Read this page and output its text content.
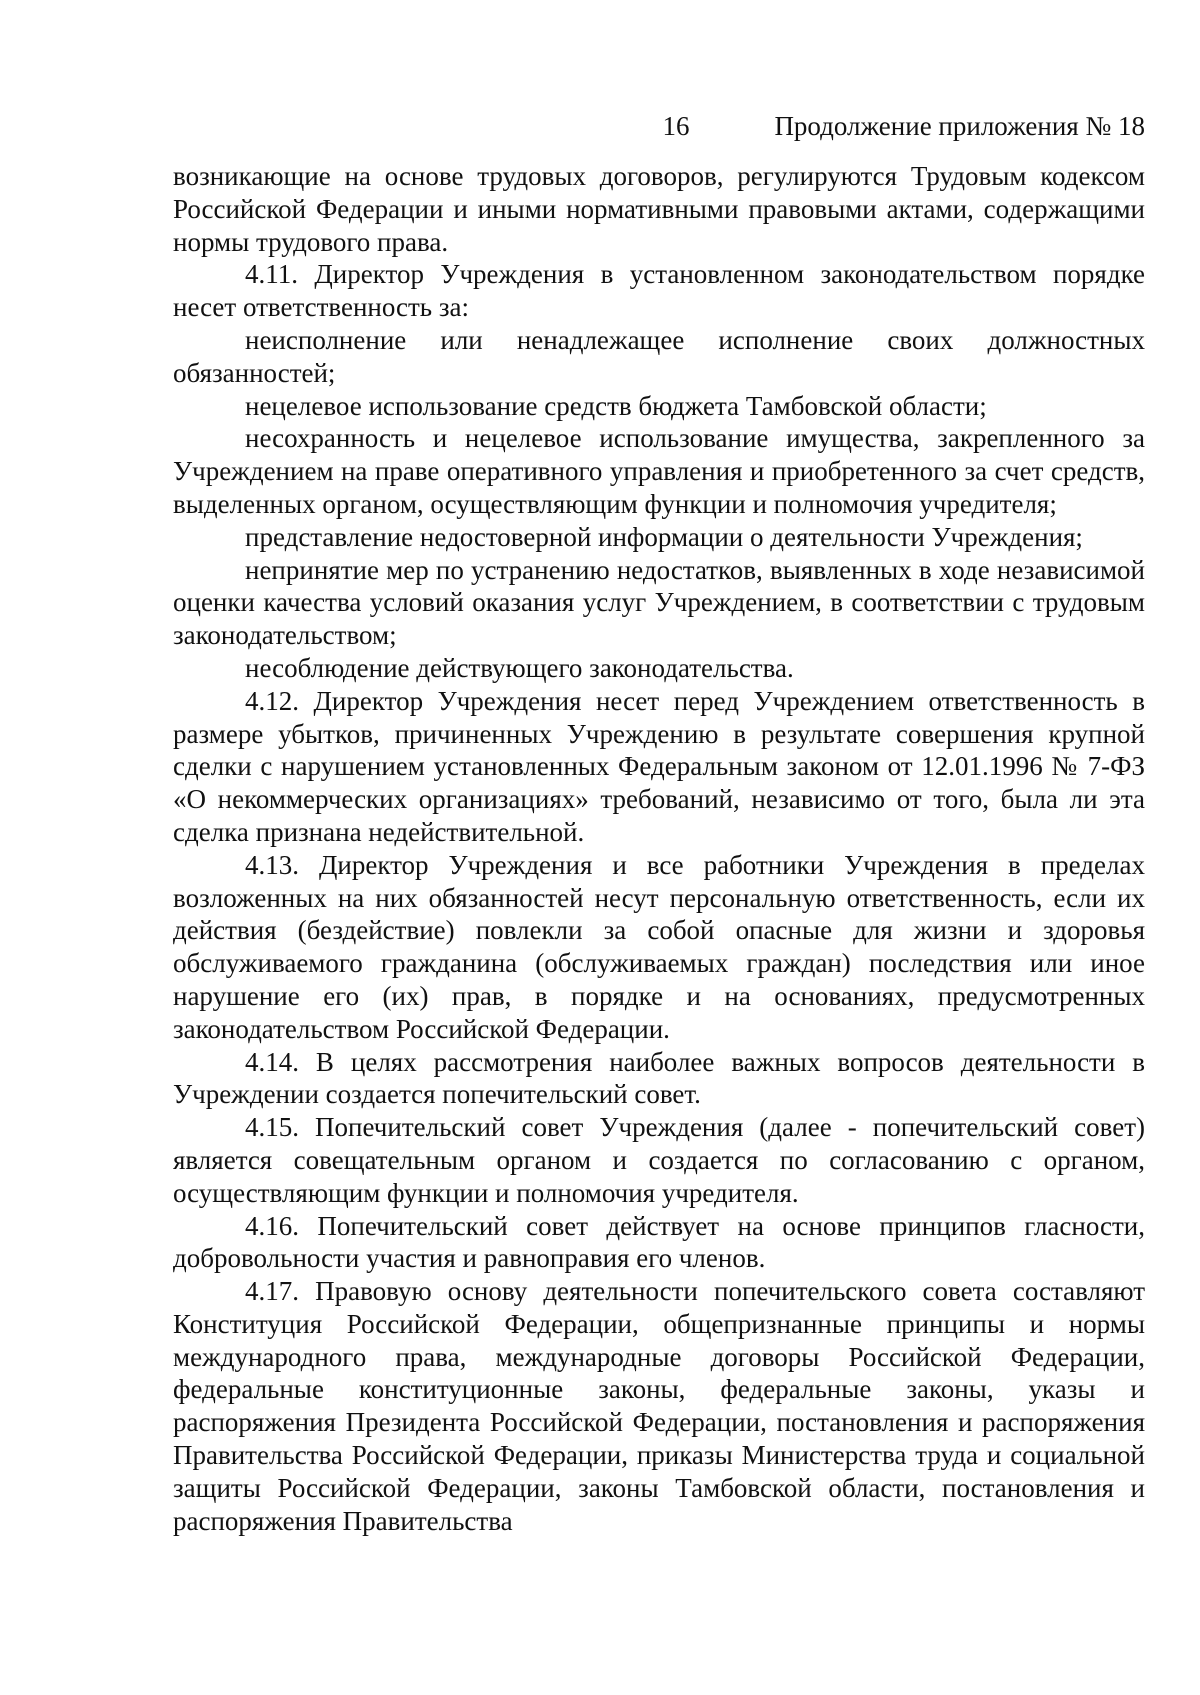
16	Продолжение приложения № 18

возникающие на основе трудовых договоров, регулируются Трудовым кодексом Российской Федерации и иными нормативными правовыми актами, содержащими нормы трудового права.

4.11. Директор Учреждения в установленном законодательством порядке несет ответственность за:

неисполнение или ненадлежащее исполнение своих должностных обязанностей;

нецелевое использование средств бюджета Тамбовской области;

несохранность и нецелевое использование имущества, закрепленного за Учреждением на праве оперативного управления и приобретенного за счет средств, выделенных органом, осуществляющим функции и полномочия учредителя;

представление недостоверной информации о деятельности Учреждения;

непринятие мер по устранению недостатков, выявленных в ходе независимой оценки качества условий оказания услуг Учреждением, в соответствии с трудовым законодательством;

несоблюдение действующего законодательства.

4.12. Директор Учреждения несет перед Учреждением ответственность в размере убытков, причиненных Учреждению в результате совершения крупной сделки с нарушением установленных Федеральным законом от 12.01.1996 № 7-ФЗ «О некоммерческих организациях» требований, независимо от того, была ли эта сделка признана недействительной.

4.13. Директор Учреждения и все работники Учреждения в пределах возложенных на них обязанностей несут персональную ответственность, если их действия (бездействие) повлекли за собой опасные для жизни и здоровья обслуживаемого гражданина (обслуживаемых граждан) последствия или иное нарушение его (их) прав, в порядке и на основаниях, предусмотренных законодательством Российской Федерации.

4.14. В целях рассмотрения наиболее важных вопросов деятельности в Учреждении создается попечительский совет.

4.15. Попечительский совет Учреждения (далее - попечительский совет) является совещательным органом и создается по согласованию с органом, осуществляющим функции и полномочия учредителя.

4.16. Попечительский совет действует на основе принципов гласности, добровольности участия и равноправия его членов.

4.17. Правовую основу деятельности попечительского совета составляют Конституция Российской Федерации, общепризнанные принципы и нормы международного права, международные договоры Российской Федерации, федеральные конституционные законы, федеральные законы, указы и распоряжения Президента Российской Федерации, постановления и распоряжения Правительства Российской Федерации, приказы Министерства труда и социальной защиты Российской Федерации, законы Тамбовской области, постановления и распоряжения Правительства
